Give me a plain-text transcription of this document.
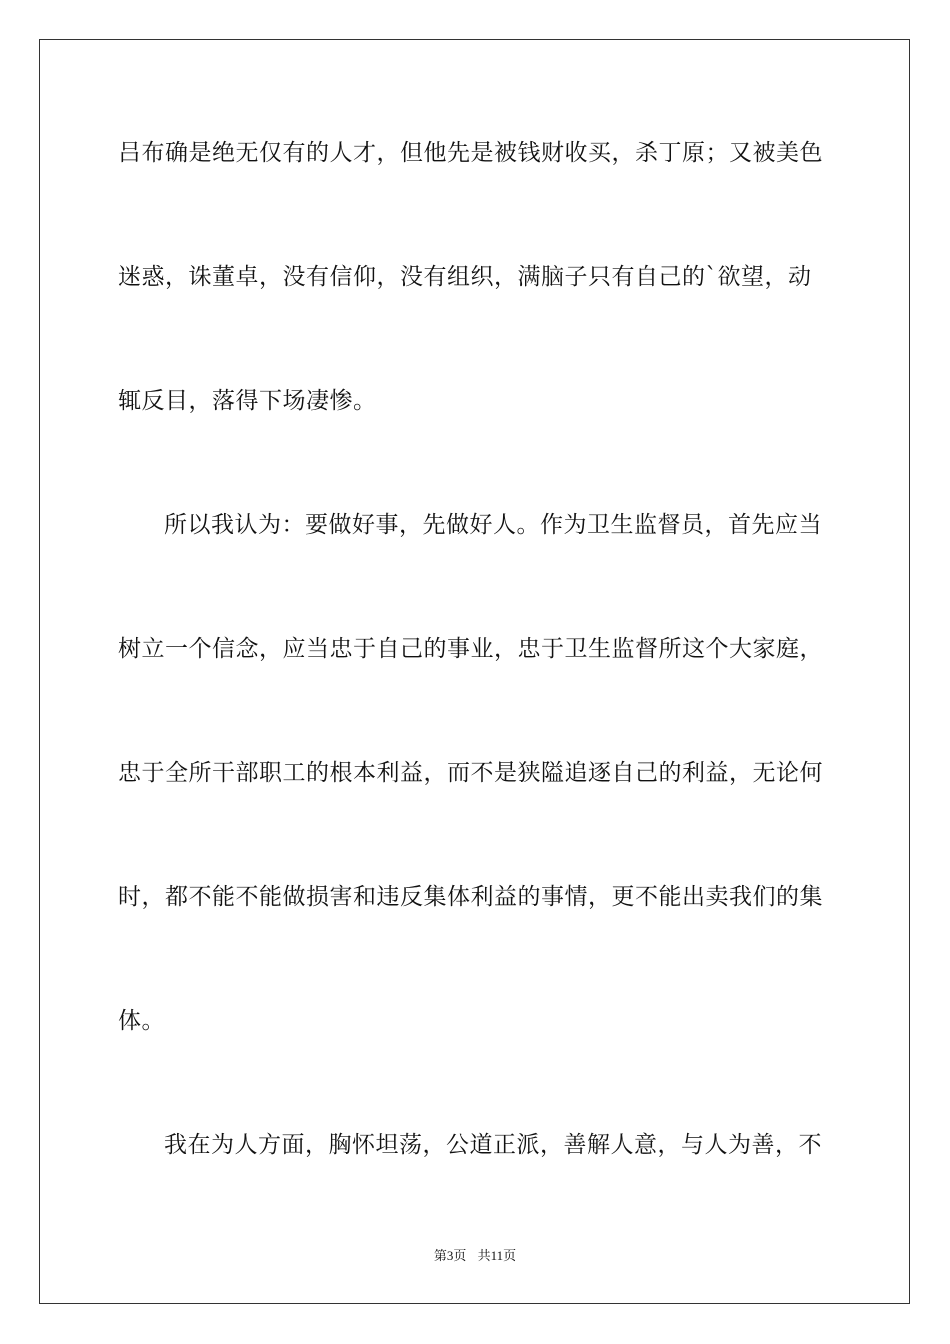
吕布确是绝无仅有的人才，但他先是被钱财收买，杀丁原；又被美色
迷惑，诛董卓，没有信仰，没有组织，满脑子只有自己的`欲望，动
辄反目，落得下场凄惨。
所以我认为：要做好事，先做好人。作为卫生监督员，首先应当
树立一个信念，应当忠于自己的事业，忠于卫生监督所这个大家庭，
忠于全所干部职工的根本利益，而不是狭隘追逐自己的利益，无论何
时，都不能不能做损害和违反集体利益的事情，更不能出卖我们的集
体。
我在为人方面，胸怀坦荡，公道正派，善解人意，与人为善，不
第3页 共11页
